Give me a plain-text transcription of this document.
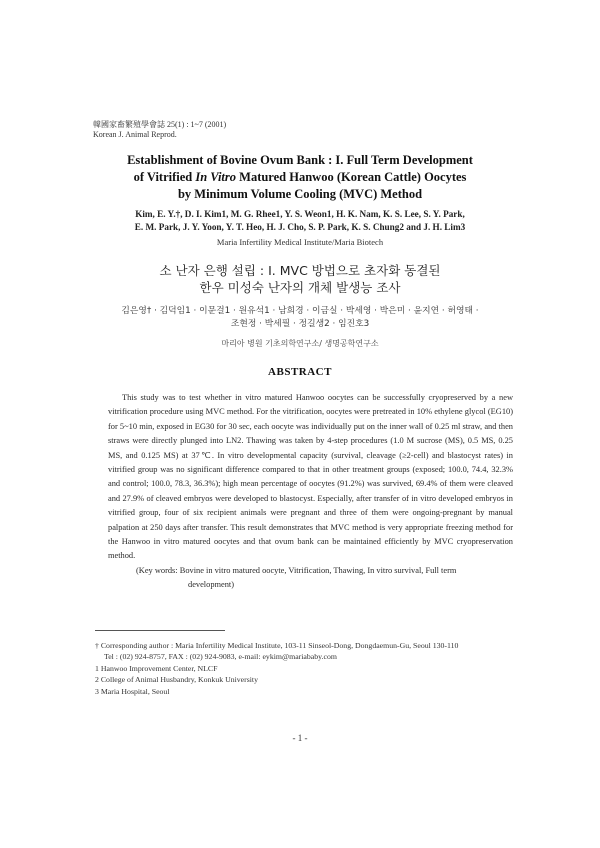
韓國家畜繁殖學會誌 25(1) : 1~7 (2001)
Korean J. Animal Reprod.
Establishment of Bovine Ovum Bank : I. Full Term Development
of Vitrified In Vitro Matured Hanwoo (Korean Cattle) Oocytes
by Minimum Volume Cooling (MVC) Method
Kim, E. Y.†, D. I. Kim1, M. G. Rhee1, Y. S. Weon1, H. K. Nam, K. S. Lee, S. Y. Park,
E. M. Park, J. Y. Yoon, Y. T. Heo, H. J. Cho, S. P. Park, K. S. Chung2 and J. H. Lim3
Maria Infertility Medical Institute/Maria Biotech
소 난자 은행 설립 : Ⅰ. MVC 방법으로 초자화 동결된
한우 미성숙 난자의 개체 발생능 조사
김은영† · 김덕임1 · 이문걸1 · 원유석1 · 남희경 · 이금실 · 박세영 · 박은미 · 윤지연 · 허영태 ·
조현정 · 박세필 · 정길생2 · 임진호3
마리아 병원 기초의학연구소/ 생명공학연구소
ABSTRACT

This study was to test whether in vitro matured Hanwoo oocytes can be successfully cryopreserved by a new vitrification procedure using MVC method. For the vitrification, oocytes were pretreated in 10% ethylene glycol (EG10) for 5~10 min, exposed in EG30 for 30 sec, each oocyte was individually put on the inner wall of 0.25 ml straw, and then straws were directly plunged into LN2. Thawing was taken by 4-step procedures (1.0 M sucrose (MS), 0.5 MS, 0.25 MS, and 0.125 MS) at 37℃. In vitro developmental capacity (survival, cleavage (≥2-cell) and blastocyst rates) in vitrified group was no significant difference compared to that in other treatment groups (exposed; 100.0, 74.4, 32.3% and control; 100.0, 78.3, 36.3%); high mean percentage of oocytes (91.2%) was survived, 69.4% of them were cleaved and 27.9% of cleaved embryos were developed to blastocyst. Especially, after transfer of in vitro developed embryos in vitrified group, four of six recipient animals were pregnant and three of them were ongoing-pregnant by manual palpation at 250 days after transfer. This result demonstrates that MVC method is very appropriate freezing method for the Hanwoo in vitro matured oocytes and that ovum bank can be maintained efficiently by MVC cryopreservation method.

(Key words: Bovine in vitro matured oocyte, Vitrification, Thawing, In vitro survival, Full term

development)

† Corresponding author : Maria Infertility Medical Institute, 103-11 Sinseol-Dong, Dongdaemun-Gu, Seoul 130-110
Tel : (02) 924-8757, FAX : (02) 924-9083, e-mail: eykim@mariababy.com
1 Hanwoo Improvement Center, NLCF
2 College of Animal Husbandry, Konkuk University
3 Maria Hospital, Seoul
- 1 -
